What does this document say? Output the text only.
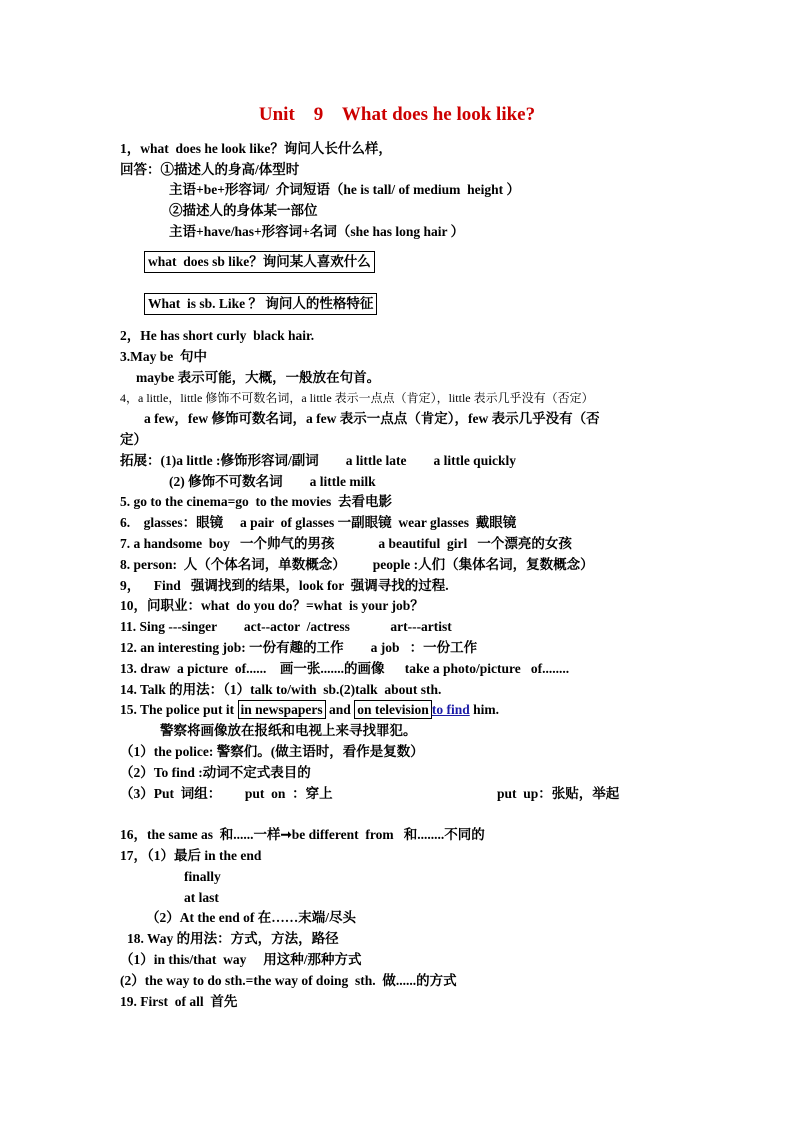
Unit    9    What does he look like?
1，what  does he look like？询问人长什么样，
回答：①描述人的身高/体型时
主语+be+形容词/  介词短语（he is tall/ of medium  height ）
②描述人的身体某一部位
主语+have/has+形容词+名词（she has long hair ）
what  does sb like？询问某人喜欢什么
What  is sb. Like ？ 询问人的性格特征
2，He has short curly  black hair.
3.May be  句中
maybe 表示可能，大概，一般放在句首。
4，a little，little 修饰不可数名词，a little 表示一点点（肯定），little 表示几乎没有（否定）
a few，few 修饰可数名词，a few 表示一点点（肯定），few 表示几乎没有（否
定）
拓展：(1)a little :修饰形容词/副词        a little late        a little quickly
(2) 修饰不可数名词        a little milk
5. go to the cinema=go  to the movies  去看电影
6.    glasses：眼镜     a pair  of glasses 一副眼镜  wear glasses  戴眼镜
7. a handsome  boy   一个帅气的男孩             a beautiful  girl   一个漂亮的女孩
8. person:  人（个体名词，单数概念）        people :人们（集体名词，复数概念）
9，    Find   强调找到的结果，look for  强调寻找的过程.
10，问职业：what  do you do？=what  is your job？
11. Sing ---singer        act--actor  /actress            art---artist
12. an interesting job: 一份有趣的工作        a job   ：一份工作
13. draw  a picture  of......    画一张.......的画像      take a photo/picture   of........
14. Talk 的用法：（1）talk to/with  sb.(2)talk  about sth.
15. The police put it in newspapers and on television to find him.
警察将画像放在报纸和电视上来寻找罪犯。
（1）the police: 警察们。(做主语时，看作是复数）
（2）To find :动词不定式表目的
（3）Put  词组：       put  on  ：穿上	put  up：张贴，举起
16，the same as  和......一样➞be different  from   和........不同的
17，（1）最后 in the end
finally
at last
（2）At the end of 在……末端/尽头
18. Way 的用法：方式，方法，路径
（1）in this/that  way     用这种/那种方式
(2）the way to do sth.=the way of doing  sth.  做......的方式
19. First  of all  首先
